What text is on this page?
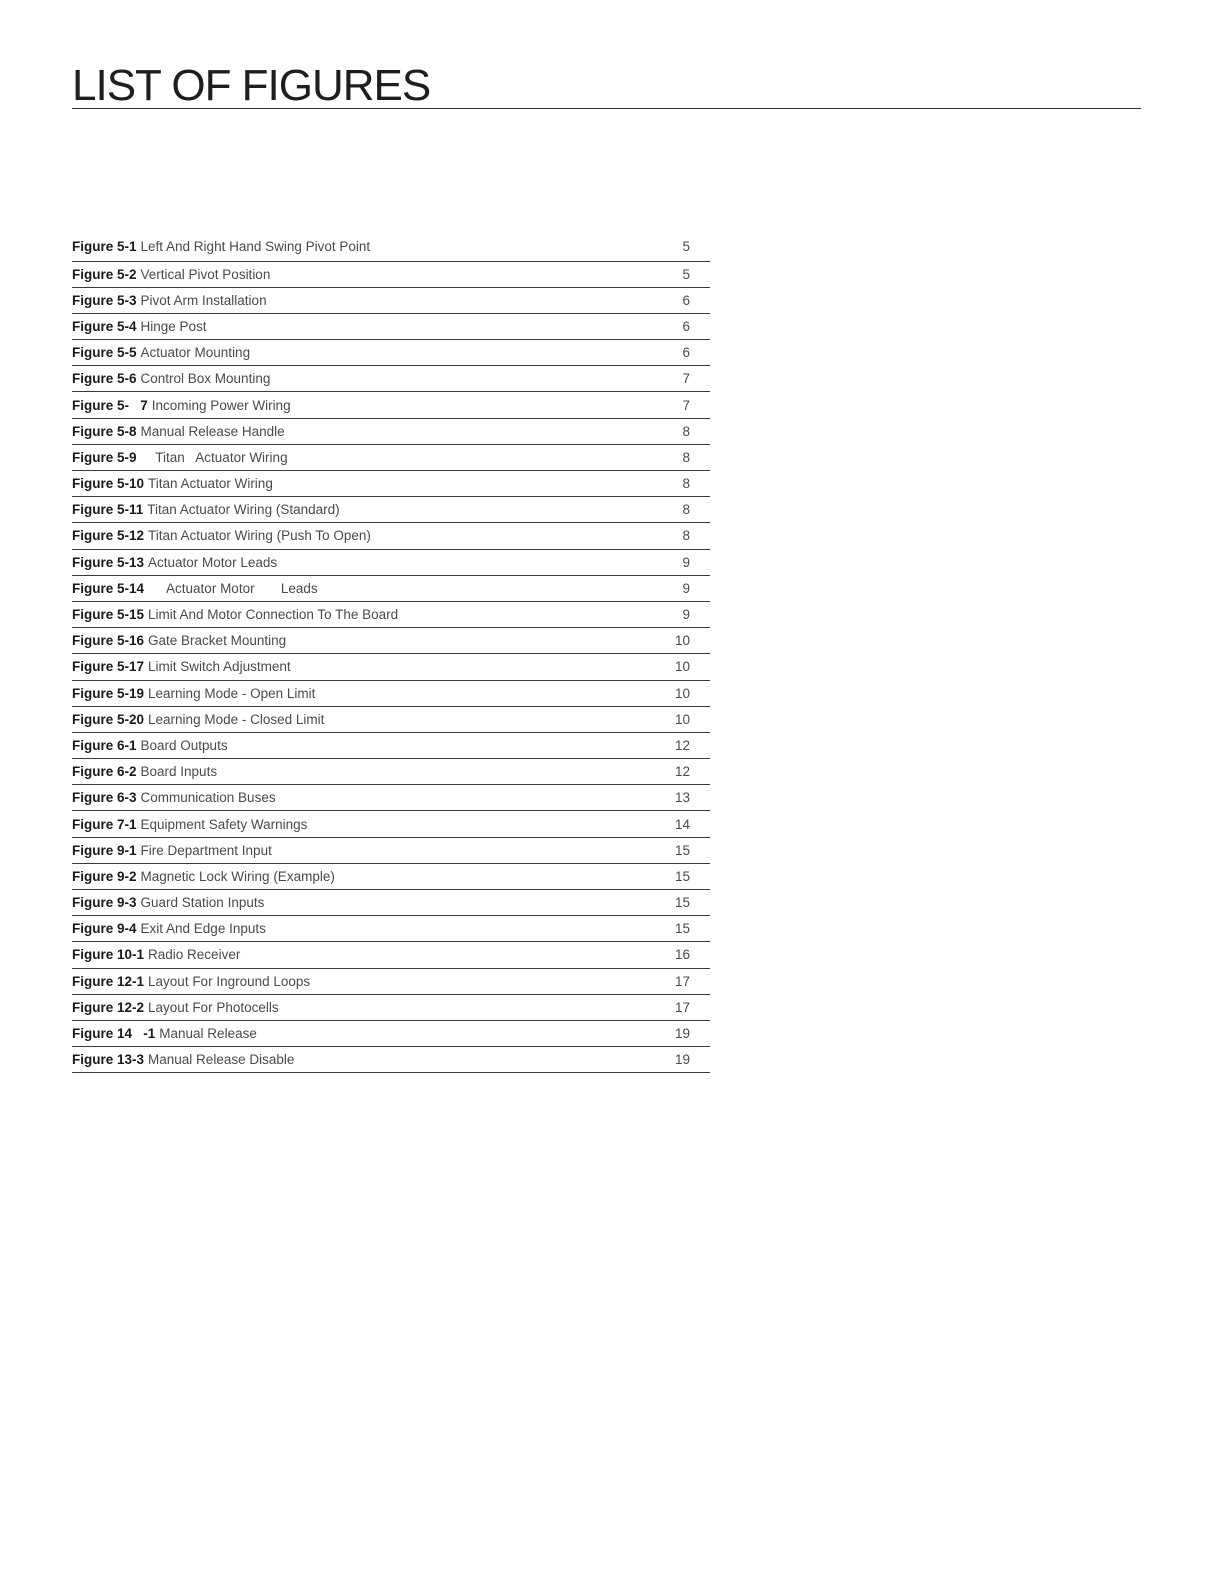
LIST OF FIGURES
Figure 5-1 Left And Right Hand Swing Pivot Point	5
Figure 5-2 Vertical Pivot Position	5
Figure 5-3 Pivot Arm Installation	6
Figure 5-4 Hinge Post	6
Figure 5-5 Actuator Mounting	6
Figure 5-6 Control Box Mounting	7
Figure 5-   7 Incoming Power Wiring	7
Figure 5-8 Manual Release Handle	8
Figure 5-9 Titan   Actuator Wiring	8
Figure 5-10 Titan Actuator Wiring	8
Figure 5-11 Titan Actuator Wiring (Standard)	8
Figure 5-12 Titan Actuator Wiring (Push To Open)	8
Figure 5-13 Actuator Motor Leads	9
Figure 5-14 Actuator Motor       Leads	9
Figure 5-15 Limit And Motor Connection To The Board	9
Figure 5-16 Gate Bracket Mounting	10
Figure 5-17 Limit Switch Adjustment	10
Figure 5-19 Learning Mode - Open Limit	10
Figure 5-20 Learning Mode - Closed Limit	10
Figure 6-1 Board Outputs	12
Figure 6-2 Board Inputs	12
Figure 6-3 Communication Buses	13
Figure 7-1 Equipment Safety Warnings	14
Figure 9-1 Fire Department Input	15
Figure 9-2 Magnetic Lock Wiring (Example)	15
Figure 9-3 Guard Station Inputs	15
Figure 9-4 Exit And Edge Inputs	15
Figure 10-1 Radio Receiver	16
Figure 12-1 Layout For Inground Loops	17
Figure 12-2 Layout For Photocells	17
Figure 14   -1 Manual Release	19
Figure 13-3 Manual Release Disable	19
